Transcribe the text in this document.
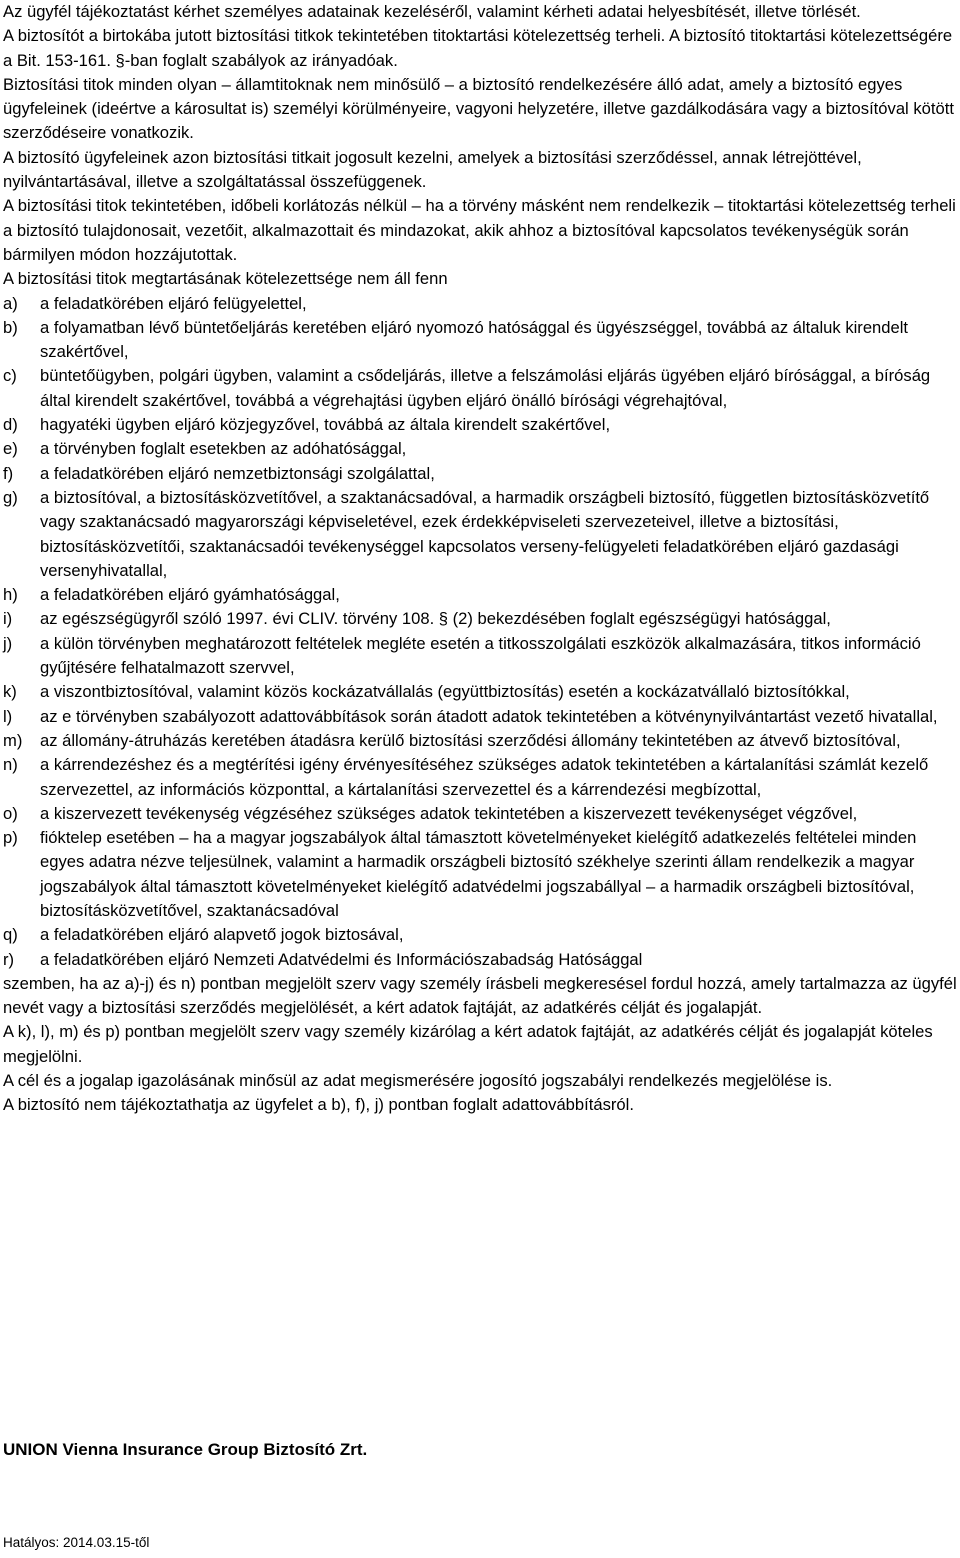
Az ügyfél tájékoztatást kérhet személyes adatainak kezeléséről, valamint kérheti adatai helyesbítését, illetve törlését.

A biztosítót a birtokába jutott biztosítási titkok tekintetében titoktartási kötelezettség terheli. A biztosító titoktartási kötelezettségére a Bit. 153-161. §-ban foglalt szabályok az irányadóak.

Biztosítási titok minden olyan – államtitoknak nem minősülő – a biztosító rendelkezésére álló adat, amely a biztosító egyes ügyfeleinek (ideértve a károsultat is) személyi körülményeire, vagyoni helyzetére, illetve gazdálkodására vagy a biztosítóval kötött szerződéseire vonatkozik.

A biztosító ügyfeleinek azon biztosítási titkait jogosult kezelni, amelyek a biztosítási szerződéssel, annak létrejöttével, nyilvántartásával, illetve a szolgáltatással összefüggenek.

A biztosítási titok tekintetében, időbeli korlátozás nélkül – ha a törvény másként nem rendelkezik – titoktartási kötelezettség terheli a biztosító tulajdonosait, vezetőit, alkalmazottait és mindazokat, akik ahhoz a biztosítóval kapcsolatos tevékenységük során bármilyen módon hozzájutottak.

A biztosítási titok megtartásának kötelezettsége nem áll fenn

a)	a feladatkörében eljáró felügyelettel,
b)	a folyamatban lévő büntetőeljárás keretében eljáró nyomozó hatósággal és ügyészséggel, továbbá az általuk kirendelt szakértővel,
c)	büntetőügyben, polgári ügyben, valamint a csődeljárás, illetve a felszámolási eljárás ügyében eljáró bírósággal, a bíróság által kirendelt szakértővel, továbbá a végrehajtási ügyben eljáró önálló bírósági végrehajtóval,
d)	hagyatéki ügyben eljáró közjegyzővel, továbbá az általa kirendelt szakértővel,
e)	a törvényben foglalt esetekben az adóhatósággal,
f)	a feladatkörében eljáró nemzetbiztonsági szolgálattal,
g)	a biztosítóval, a biztosításközvetítővel, a szaktanácsadóval, a harmadik országbeli biztosító, független biztosításközvetítő vagy szaktanácsadó magyarországi képviseletével, ezek érdekképviseleti szervezeteivel, illetve a biztosítási, biztosításközvetítői, szaktanácsadói tevékenységgel kapcsolatos verseny-felügyeleti feladatkörében eljáró gazdasági versenyhivatallal,
h)	a feladatkörében eljáró gyámhatósággal,
i)	az egészségügyről szóló 1997. évi CLIV. törvény 108. § (2) bekezdésében foglalt egészségügyi hatósággal,
j)	a külön törvényben meghatározott feltételek megléte esetén a titkosszolgálati eszközök alkalmazására, titkos információ gyűjtésére felhatalmazott szervvel,
k)	a viszontbiztosítóval, valamint közös kockázatvállalás (együttbiztosítás) esetén a kockázatvállaló biztosítókkal,
l)	az e törvényben szabályozott adattovábbítások során átadott adatok tekintetében a kötvénynyilvántartást vezető hivatallal,
m)	az állomány-átruházás keretében átadásra kerülő biztosítási szerződési állomány tekintetében az átvevő biztosítóval,
n)	a kárrendezéshez és a megtérítési igény érvényesítéséhez szükséges adatok tekintetében a kártalanítási számlát kezelő szervezettel, az információs központtal, a kártalanítási szervezettel és a kárrendezési megbízottal,
o)	a kiszervezett tevékenység végzéséhez szükséges adatok tekintetében a kiszervezett tevékenységet végzővel,
p)	fióktelep esetében – ha a magyar jogszabályok által támasztott követelményeket kielégítő adatkezelés feltételei minden egyes adatra nézve teljesülnek, valamint a harmadik országbeli biztosító székhelye szerinti állam rendelkezik a magyar jogszabályok által támasztott követelményeket kielégítő adatvédelmi jogszabállyal – a harmadik országbeli biztosítóval, biztosításközvetítővel, szaktanácsadóval
q)	a feladatkörében eljáró alapvető jogok biztosával,
r)	a feladatkörében eljáró Nemzeti Adatvédelmi és Információszabadság Hatósággal

szemben, ha az a)-j) és n) pontban megjelölt szerv vagy személy írásbeli megkeresésel fordul hozzá, amely tartalmazza az ügyfél nevét vagy a biztosítási szerződés megjelölését, a kért adatok fajtáját, az adatkérés célját és jogalapját.

A k), l), m) és p) pontban megjelölt szerv vagy személy kizárólag a kért adatok fajtáját, az adatkérés célját és jogalapját köteles megjelölni.

A cél és a jogalap igazolásának minősül az adat megismerésére jogosító jogszabályi rendelkezés megjelölése is.

A biztosító nem tájékoztathatja az ügyfelet a b), f), j) pontban foglalt adattovábbításról.

UNION Vienna Insurance Group Biztosító Zrt.
Hatályos: 2014.03.15-től
